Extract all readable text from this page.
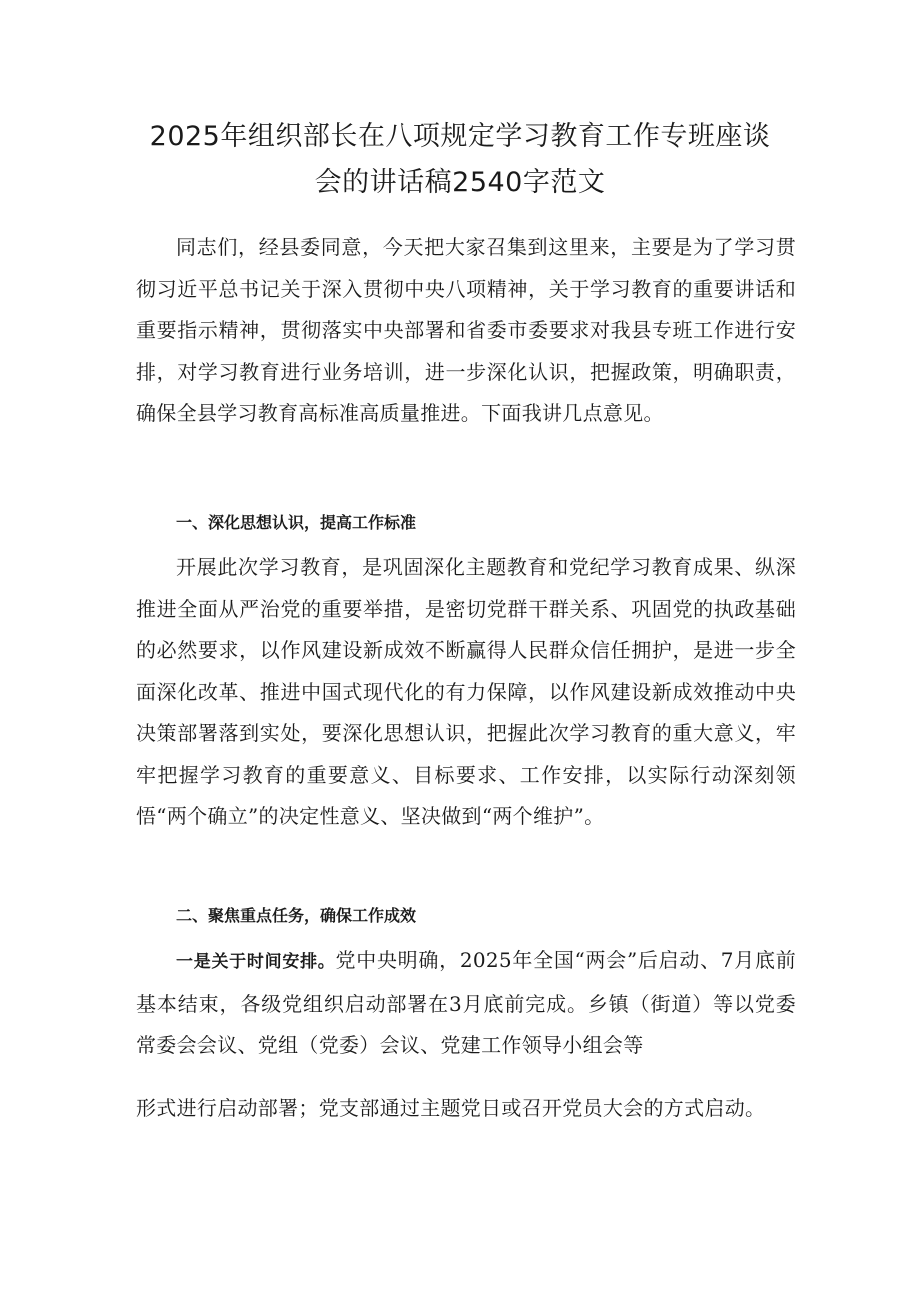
2025年组织部长在八项规定学习教育工作专班座谈
会的讲话稿2540字范文

同志们，经县委同意，今天把大家召集到这里来，主要是为了学习贯彻习近平总书记关于深入贯彻中央八项精神，关于学习教育的重要讲话和重要指示精神，贯彻落实中央部署和省委市委要求对我县专班工作进行安排，对学习教育进行业务培训，进一步深化认识，把握政策，明确职责，确保全县学习教育高标准高质量推进。下面我讲几点意见。

一、深化思想认识，提高工作标准

开展此次学习教育，是巩固深化主题教育和党纪学习教育成果、纵深推进全面从严治党的重要举措，是密切党群干群关系、巩固党的执政基础的必然要求，以作风建设新成效不断赢得人民群众信任拥护，是进一步全面深化改革、推进中国式现代化的有力保障，以作风建设新成效推动中央决策部署落到实处，要深化思想认识，把握此次学习教育的重大意义，牢牢把握学习教育的重要意义、目标要求、工作安排，以实际行动深刻领悟“两个确立”的决定性意义、坚决做到“两个维护”。

二、聚焦重点任务，确保工作成效

一是关于时间安排。党中央明确，2025年全国“两会”后启动、7月底前基本结束，各级党组织启动部署在3月底前完成。乡镇（街道）等以党委常委会会议、党组（党委）会议、党建工作领导小组会等

形式进行启动部署；党支部通过主题党日或召开党员大会的方式启动。
